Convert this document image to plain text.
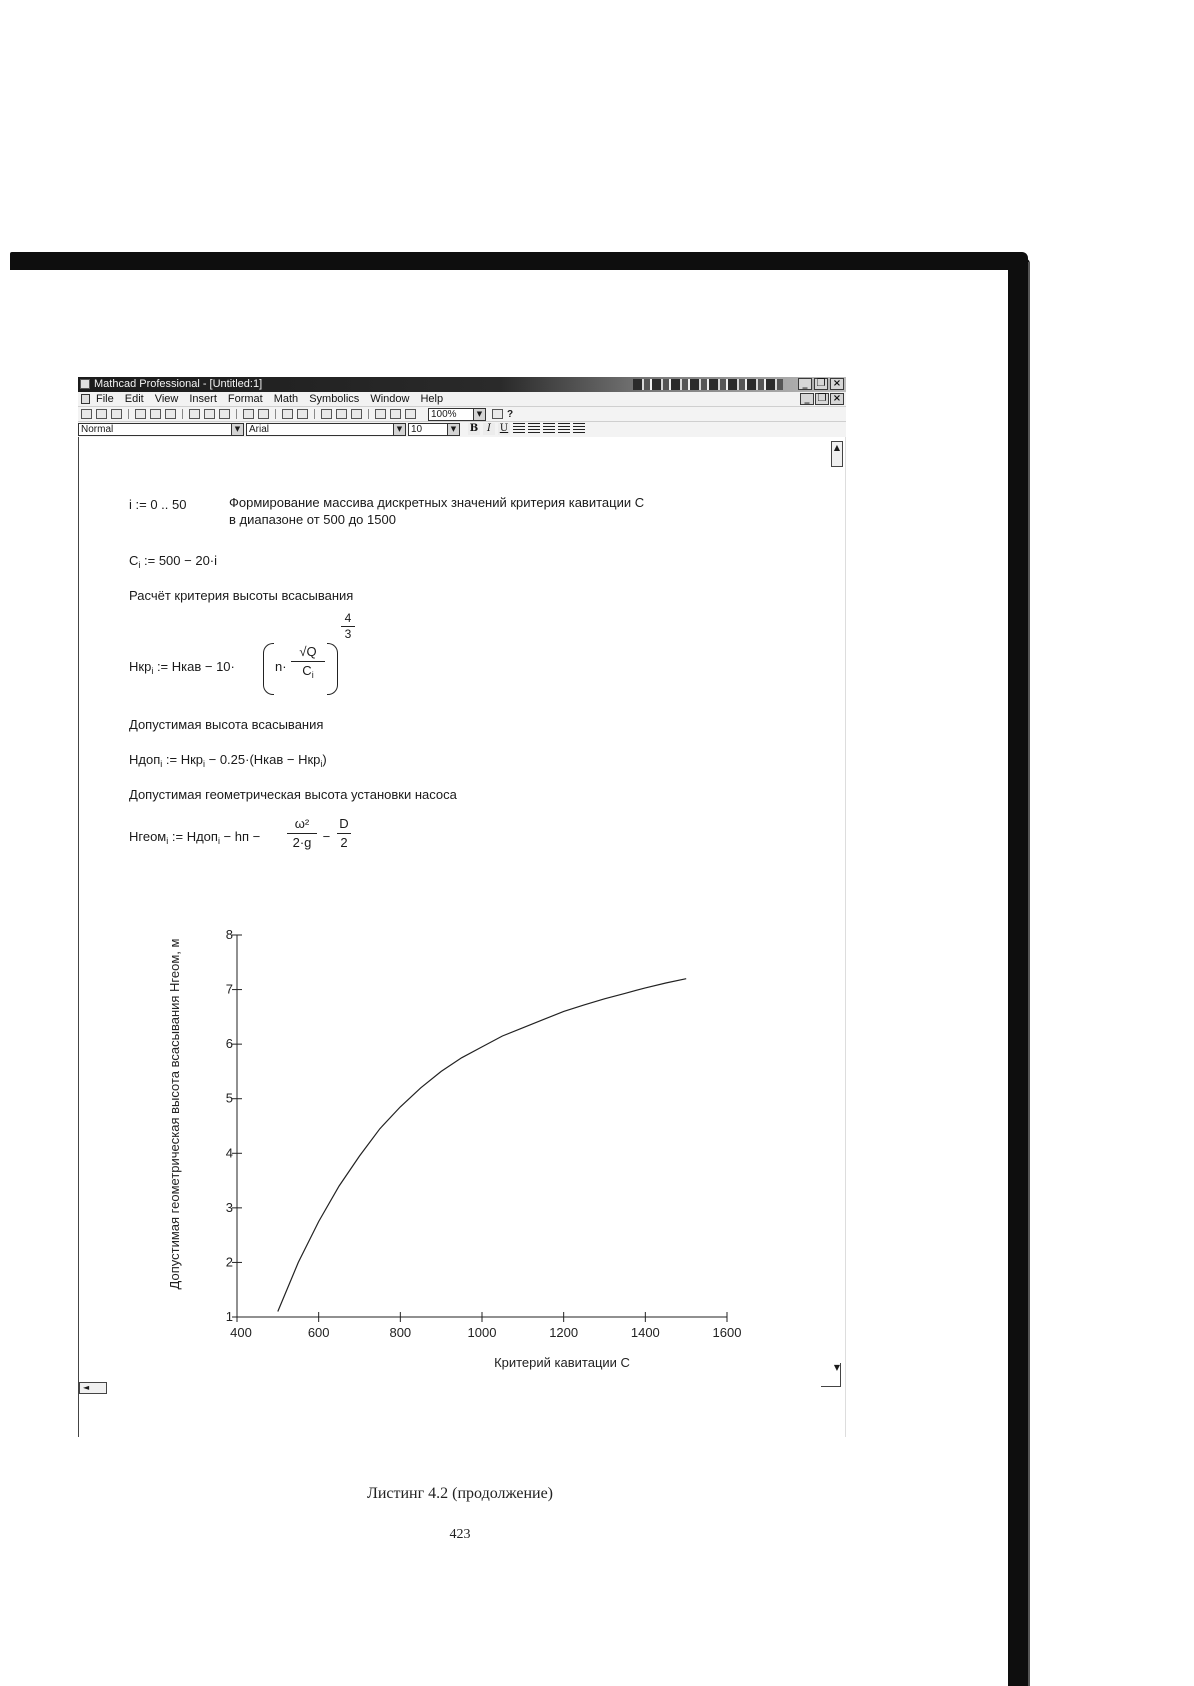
Mathcad Professional - [Untitled:1]	_ ❐ ×
File Edit View Insert Format Math Symbolics Window Help	_ ❐ ×
100%	▼ ?
Normal	▼ Arial	▼ 10	▼ B I U
▲
i := 0 .. 50	Формирование массива дискретных значений критерия кавитации C
в диапазоне от 500 до 1500
$C_i$ := 500 − 20·i
Расчёт критерия высоты всасывания
Нкр$_i$ := Нкав − 10·	n·
√Q
$C_i$
$\frac{4}{3}$
Допустимая высота всасывания
Ндоп$_i$ := Нкр$_i$ − 0.25·(Нкав − Нкр$_i$)
Допустимая геометрическая высота установки насоса
Нгеом$_i$ := Ндоп$_i$ − hп − $\frac{\text{ω²}}{2\cdot g} - \frac{D}{2}$
400	600	800	1000	1200	1400	1600
1
2
3
4
5
6
7
8
Критерий кавитации C
Допустимая геометрическая высота всасывания Нгеом, м
▼
◄
Листинг 4.2 (продолжение)
423
